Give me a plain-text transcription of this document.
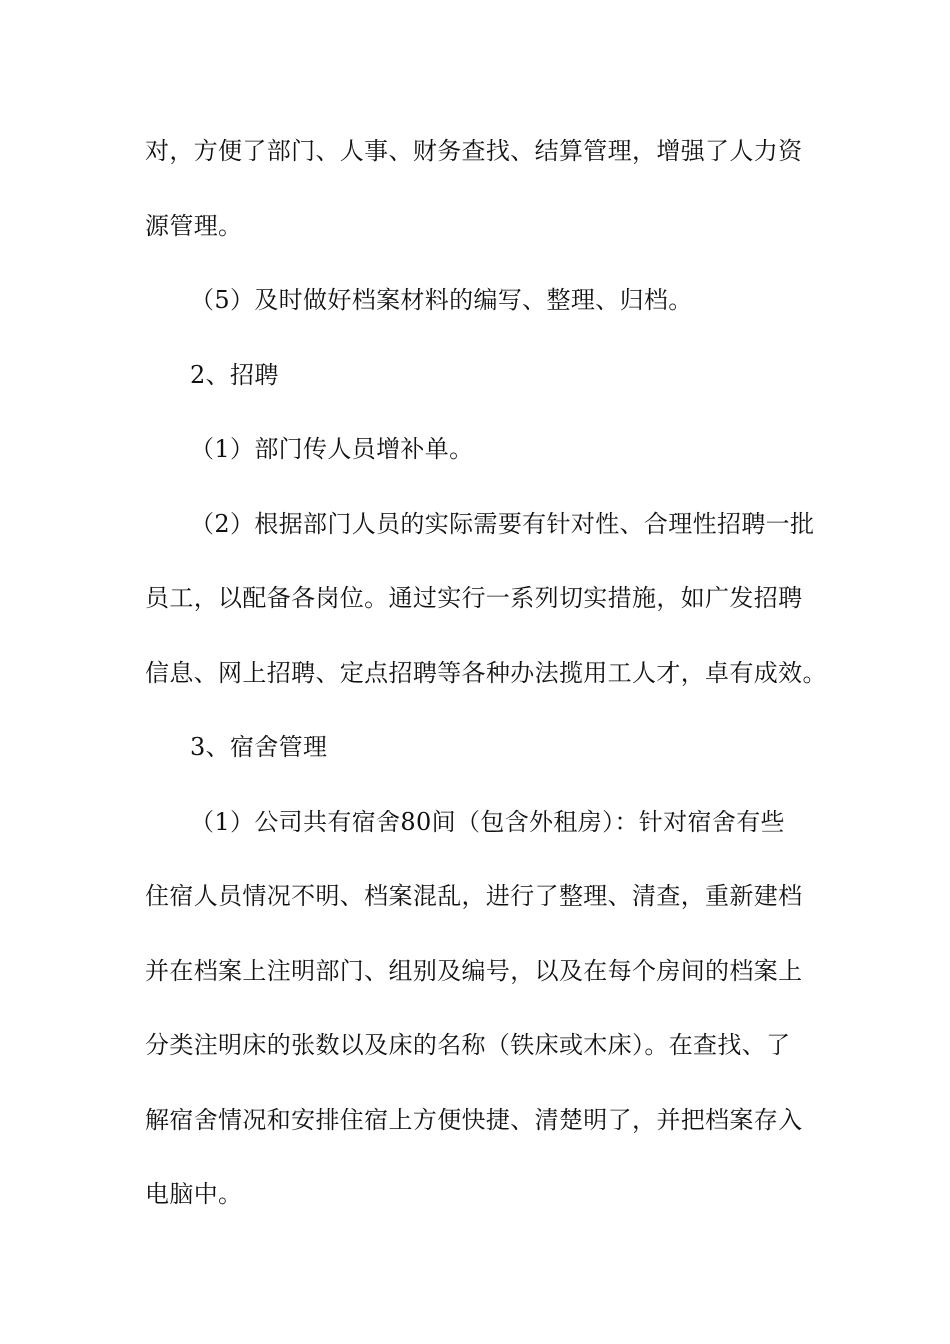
对，方便了部门、人事、财务查找、结算管理，增强了人力资
源管理。
（5）及时做好档案材料的编写、整理、归档。
2、招聘
（1）部门传人员增补单。
（2）根据部门人员的实际需要有针对性、合理性招聘一批
员工，以配备各岗位。通过实行一系列切实措施，如广发招聘
信息、网上招聘、定点招聘等各种办法揽用工人才，卓有成效。
3、宿舍管理
（1）公司共有宿舍80间（包含外租房）：针对宿舍有些
住宿人员情况不明、档案混乱，进行了整理、清查，重新建档
并在档案上注明部门、组别及编号，以及在每个房间的档案上
分类注明床的张数以及床的名称（铁床或木床）。在查找、了
解宿舍情况和安排住宿上方便快捷、清楚明了，并把档案存入
电脑中。
